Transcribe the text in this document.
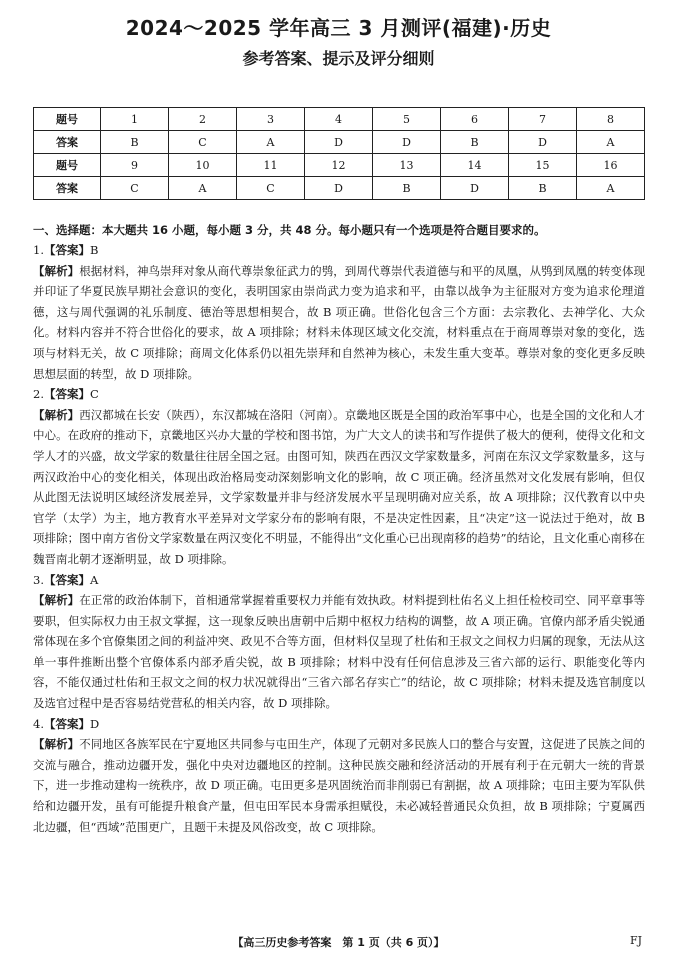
2024～2025 学年高三 3 月测评(福建)·历史
参考答案、提示及评分细则
题号	1	2	3	4	5	6	7	8
答案	B	C	A	D	D	B	D	A
题号	9	10	11	12	13	14	15	16
答案	C	A	C	D	B	D	B	A
一、选择题：本大题共 16 小题，每小题 3 分，共 48 分。每小题只有一个选项是符合题目要求的。
1.【答案】B
【解析】根据材料，神鸟崇拜对象从商代尊崇象征武力的鸮，到周代尊崇代表道德与和平的凤凰，从鸮到凤凰的转变体现并印证了华夏民族早期社会意识的变化，表明国家由崇尚武力变为追求和平，由靠以战争为主征服对方变为追求伦理道德，这与周代强调的礼乐制度、德治等思想相契合，故 B 项正确。世俗化包含三个方面：去宗教化、去神学化、大众化。材料内容并不符合世俗化的要求，故 A 项排除；材料未体现区域文化交流，材料重点在于商周尊崇对象的变化，选项与材料无关，故 C 项排除；商周文化体系仍以祖先崇拜和自然神为核心，未发生重大变革。尊崇对象的变化更多反映思想层面的转型，故 D 项排除。
2.【答案】C
【解析】西汉都城在长安（陕西），东汉都城在洛阳（河南）。京畿地区既是全国的政治军事中心，也是全国的文化和人才中心。在政府的推动下，京畿地区兴办大量的学校和图书馆，为广大文人的读书和写作提供了极大的便利，使得文化和文学人才的兴盛，故文学家的数量往往居全国之冠。由图可知，陕西在西汉文学家数量多，河南在东汉文学家数量多，这与两汉政治中心的变化相关，体现出政治格局变动深刻影响文化的影响，故 C 项正确。经济虽然对文化发展有影响，但仅从此图无法说明区域经济发展差异，文学家数量并非与经济发展水平呈现明确对应关系，故 A 项排除；汉代教育以中央官学（太学）为主，地方教育水平差异对文学家分布的影响有限，不是决定性因素，且“决定”这一说法过于绝对，故 B 项排除；图中南方省份文学家数量在两汉变化不明显，不能得出“文化重心已出现南移的趋势”的结论，且文化重心南移在魏晋南北朝才逐渐明显，故 D 项排除。
3.【答案】A
【解析】在正常的政治体制下，首相通常掌握着重要权力并能有效执政。材料提到杜佑名义上担任检校司空、同平章事等要职，但实际权力由王叔文掌握，这一现象反映出唐朝中后期中枢权力结构的调整，故 A 项正确。官僚内部矛盾尖锐通常体现在多个官僚集团之间的利益冲突、政见不合等方面，但材料仅呈现了杜佑和王叔文之间权力归属的现象，无法从这单一事件推断出整个官僚体系内部矛盾尖锐，故 B 项排除；材料中没有任何信息涉及三省六部的运行、职能变化等内容，不能仅通过杜佑和王叔文之间的权力状况就得出“三省六部名存实亡”的结论，故 C 项排除；材料未提及选官制度以及选官过程中是否容易结党营私的相关内容，故 D 项排除。
4.【答案】D
【解析】不同地区各族军民在宁夏地区共同参与屯田生产，体现了元朝对多民族人口的整合与安置，这促进了民族之间的交流与融合，推动边疆开发，强化中央对边疆地区的控制。这种民族交融和经济活动的开展有利于在元朝大一统的背景下，进一步推动建构一统秩序，故 D 项正确。屯田更多是巩固统治而非削弱已有割据，故 A 项排除；屯田主要为军队供给和边疆开发，虽有可能提升粮食产量，但屯田军民本身需承担赋役，未必减轻普通民众负担，故 B 项排除；宁夏属西北边疆，但“西域”范围更广，且题干未提及风俗改变，故 C 项排除。
【高三历史参考答案　第 1 页（共 6 页）】	FJ
